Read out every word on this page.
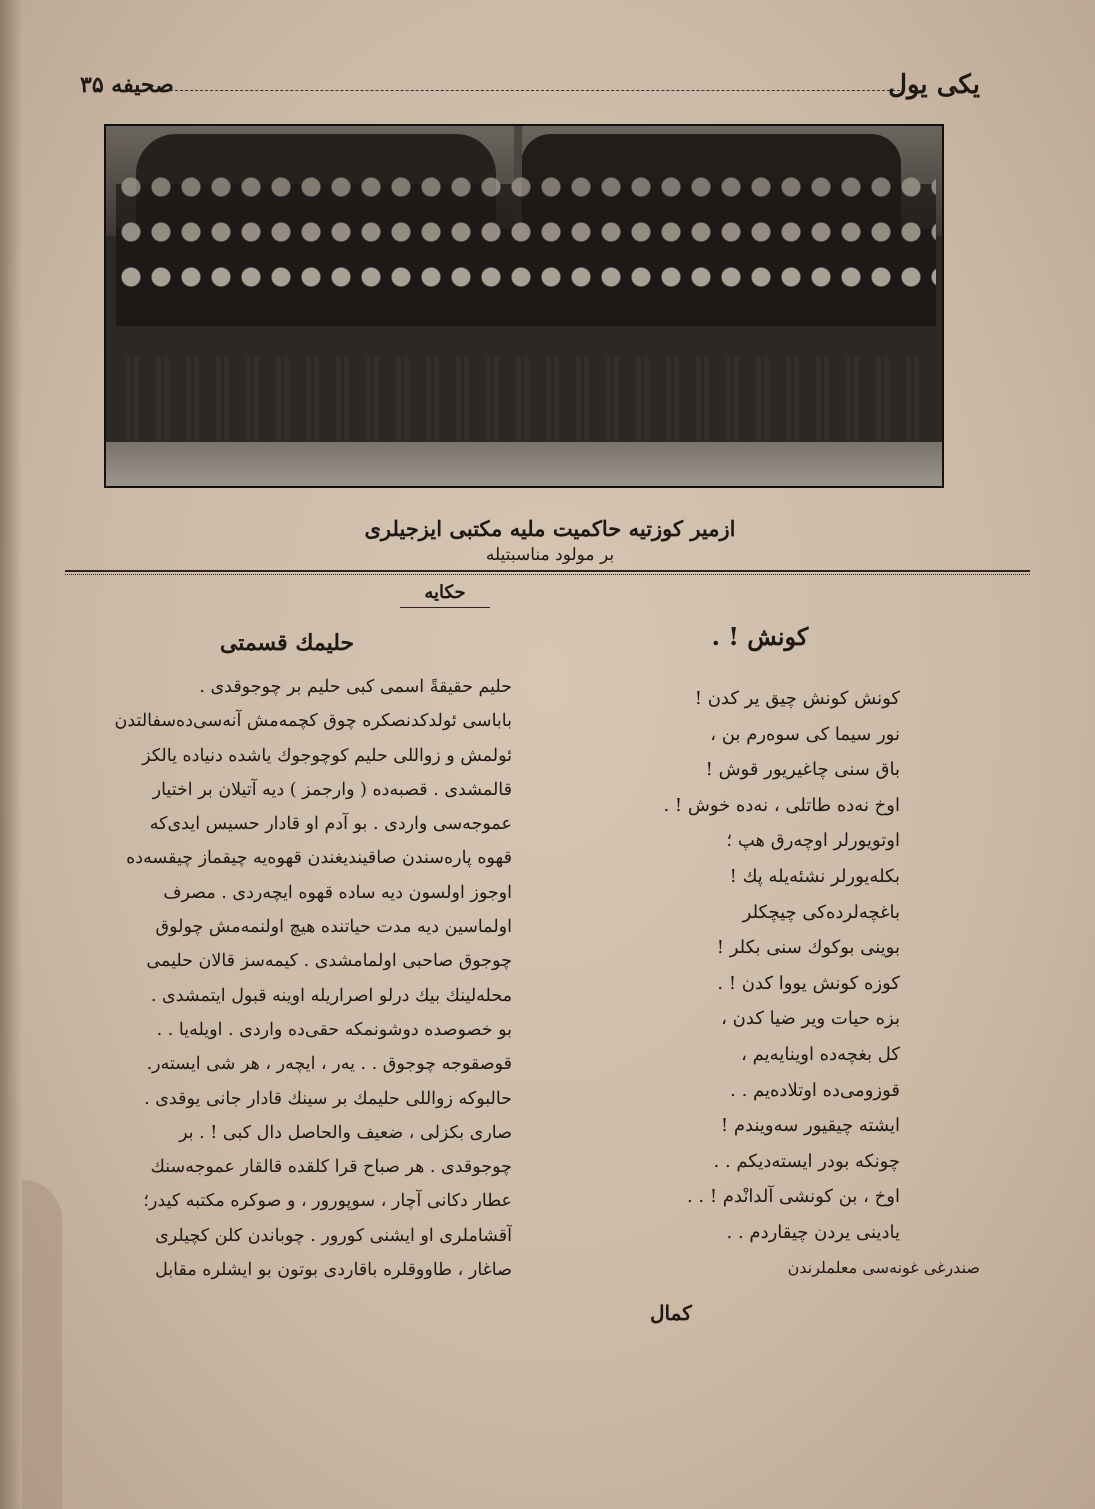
یکی یول
صحیفه ۳۵
ازمیر کوزتیه حاکمیت ملیه مکتبی ایزجیلری
بر مولود مناسبتیله
حکایه
حلیمك قسمتی
حلیم حقیقةً اسمی کبی حلیم بر چوجوقدی .
باباسی ئولدکدنصکره چوق کچمه‌مش آنه‌سی‌ده‌سفالتدن
ئولمش و زواللی حلیم کوچوجوك یاشده دنیاده یالکز
قالمشدی . قصبه‌ده ( وارجمز ) دیه آتیلان بر اختیار
عموجه‌سی واردی . بو آدم او قادار حسیس ایدی‌که
قهوه پاره‌سندن صاقیندیغندن قهوه‌یه چیقماز چیقسه‌ده
اوجوز اولسون دیه ساده قهوه ایچه‌ردی . مصرف
اولماسین دیه مدت حیاتنده هیچ اولنمه‌مش چولوق
چوجوق صاحبی اولمامشدی . کیمه‌سز قالان حلیمی
محله‌لینك بیك درلو اصراریله اوینه قبول ایتمشدی .
بو خصوصده دوشونمکه حقی‌ده واردی . اویله‌یا . .
قوصقوجه چوجوق . . یه‌ر ، ایچه‌ر ، هر شی ایسته‌ر.
حالبوکه زواللی حلیمك بر سینك قادار جانی یوقدی .
صاری بکزلی ، ضعیف والحاصل دال کبی ! . بر
چوجوقدی . هر صباح قرا کلقده قالقار عموجه‌سنك
عطار دکانی آچار ، سوپورور ، و صوکره مکتبه کیدر؛
آقشاملری او ایشنی کورور . چوباندن کلن کچیلری
صاغار ، طاووقلره باقاردی بوتون بو ایشلره مقابل
کونش ! .
کونش کونش چیق یر کدن !
نور سیما کی سوه‌رم بن ،
باق سنی چاغیریور قوش !
اوخ نه‌ده طاتلی ، نه‌ده خوش ! .
اوتویورلر اوچه‌رق هپ ؛
بکله‌یورلر نشئه‌یله پك !
باغچه‌لرده‌کی چیچکلر
بوینی بوکوك سنی بکلر !
کوزه کونش یووا کدن ! .
بزه حیات ویر ضیا کدن ،
کل بغچه‌ده اوینایه‌یم ،
قوزومی‌ده اوتلاده‌یم . .
ایشته چیقیور سه‌ویندم !
چونکه بودر ایسته‌دیکم . .
اوخ ، بن کونشی آلدانْدم ! . .
یادینی یردن چیقاردم . .
صندرغی غونه‌سی معلملرندن
کمال
